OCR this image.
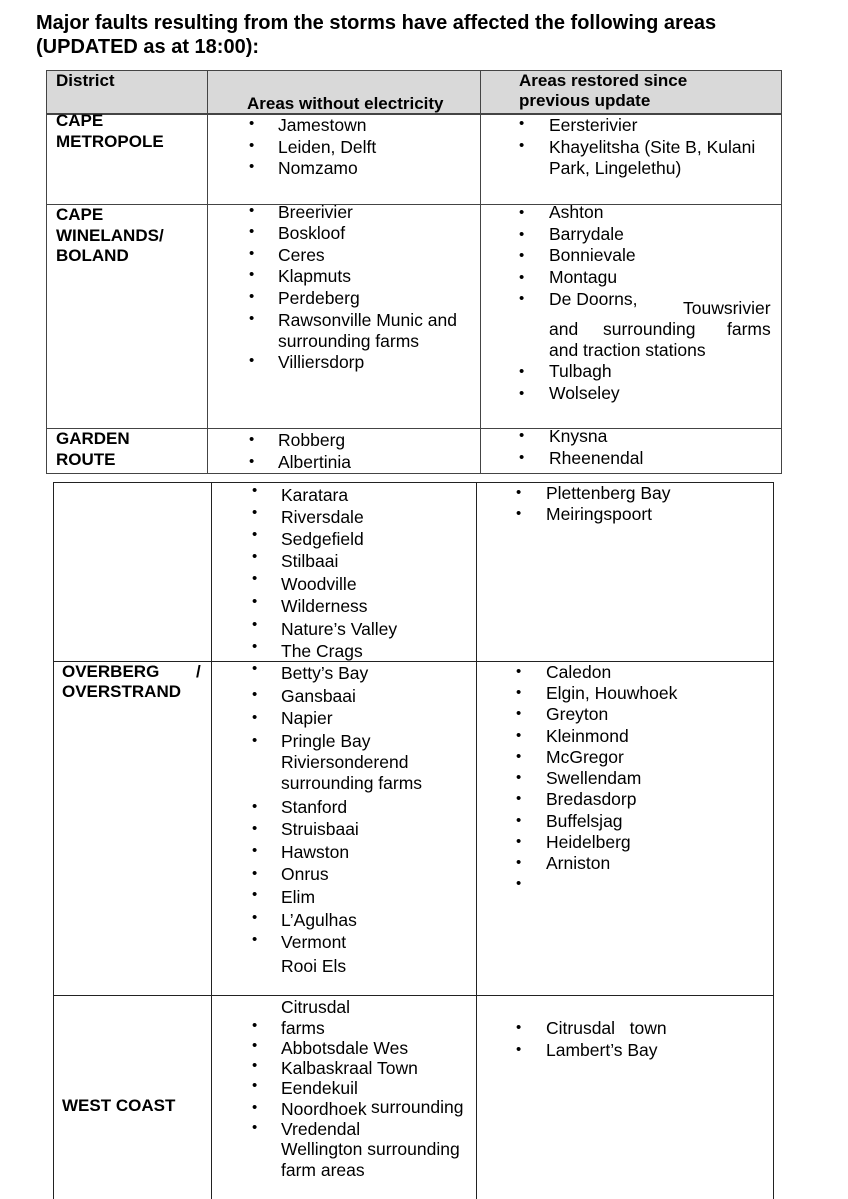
Major faults resulting from the storms have affected the following areas
(UPDATED as at 18:00):
District
Areas without electricity
Areas restored since
previous update
CAPE
METROPOLE
CAPE
WINELANDS/
BOLAND
GARDEN
ROUTE
• Jamestown
• Leiden, Delft
• Nomzamo
• Eersterivier
• Khayelitsha (Site B, Kulani
Park, Lingelethu)
• Breerivier
• Boskloof
• Ceres
• Klapmuts
• Perdeberg
• Rawsonville Munic and
surrounding farms
• Villiersdorp
• Ashton
• Barrydale
• Bonnievale
• Montagu
• De Doorns,	Touwsrivier
and surrounding farms
and traction stations
• Tulbagh
• Wolseley
• Robberg
• Albertinia
• Knysna
• Rheenendal
OVERBERG /
OVERSTRAND
WEST COAST
• Karatara
• Riversdale
• Sedgefield
• Stilbaai
• Woodville
• Wilderness
• Nature’s Valley
• The Crags
• Plettenberg Bay
• Meiringspoort
• Betty’s Bay
• Gansbaai
• Napier
• Pringle Bay
Riviersonderend
surrounding farms
• Stanford
• Struisbaai
• Hawston
• Onrus
• Elim
• L’Agulhas
• Vermont
Rooi Els
• Caledon
• Elgin, Houwhoek
• Greyton
• Kleinmond
• McGregor
• Swellendam
• Bredasdorp
• Buffelsjag
• Heidelberg
• Arniston
•
Citrusdal
• farms
• Abbotsdale Wes
• Kalbaskraal Town
• Eendekuil
• Noordhoek surrounding
• Vredendal
Wellington surrounding
farm areas
• Citrusdal   town
• Lambert’s Bay
